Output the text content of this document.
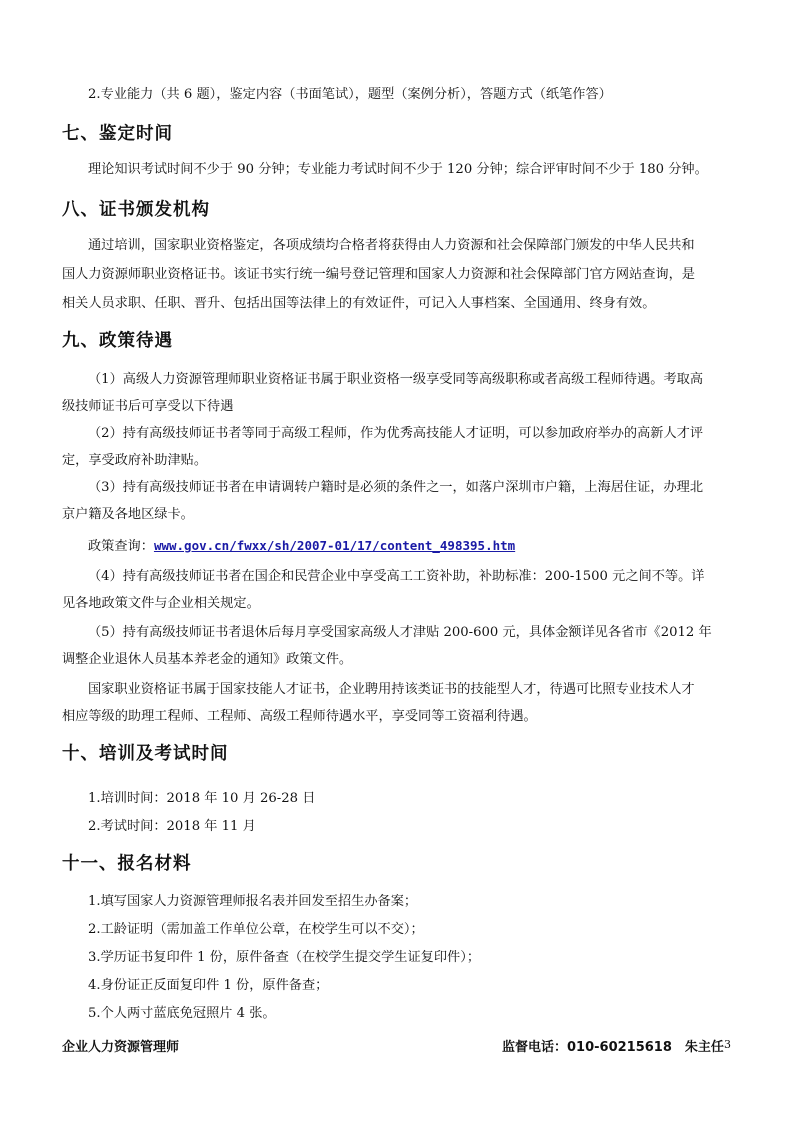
2.专业能力（共 6 题），鉴定内容（书面笔试），题型（案例分析），答题方式（纸笔作答）

七、鉴定时间

理论知识考试时间不少于 90 分钟；专业能力考试时间不少于 120 分钟；综合评审时间不少于 180 分钟。

八、证书颁发机构

通过培训，国家职业资格鉴定，各项成绩均合格者将获得由人力资源和社会保障部门颁发的中华人民共和

国人力资源师职业资格证书。该证书实行统一编号登记管理和国家人力资源和社会保障部门官方网站查询，是

相关人员求职、任职、晋升、包括出国等法律上的有效证件，可记入人事档案、全国通用、终身有效。

九、政策待遇

（1）高级人力资源管理师职业资格证书属于职业资格一级享受同等高级职称或者高级工程师待遇。考取高

级技师证书后可享受以下待遇

（2）持有高级技师证书者等同于高级工程师，作为优秀高技能人才证明，可以参加政府举办的高新人才评

定，享受政府补助津贴。

（3）持有高级技师证书者在申请调转户籍时是必须的条件之一，如落户深圳市户籍，上海居住证，办理北

京户籍及各地区绿卡。

政策查询：www.gov.cn/fwxx/sh/2007-01/17/content_498395.htm

（4）持有高级技师证书者在国企和民营企业中享受高工工资补助，补助标准：200-1500 元之间不等。详

见各地政策文件与企业相关规定。

（5）持有高级技师证书者退休后每月享受国家高级人才津贴 200-600 元，具体金额详见各省市《2012 年

调整企业退休人员基本养老金的通知》政策文件。

国家职业资格证书属于国家技能人才证书，企业聘用持该类证书的技能型人才，待遇可比照专业技术人才

相应等级的助理工程师、工程师、高级工程师待遇水平，享受同等工资福利待遇。

十、培训及考试时间

1.培训时间：2018 年 10 月 26-28 日

2.考试时间：2018 年 11 月

十一、报名材料

1.填写国家人力资源管理师报名表并回发至招生办备案；

2.工龄证明（需加盖工作单位公章，在校学生可以不交）；

3.学历证书复印件 1 份，原件备查（在校学生提交学生证复印件）；

4.身份证正反面复印件 1 份，原件备查；

5.个人两寸蓝底免冠照片 4 张。

企业人力资源管理师	监督电话：010-60215618　朱主任 3
